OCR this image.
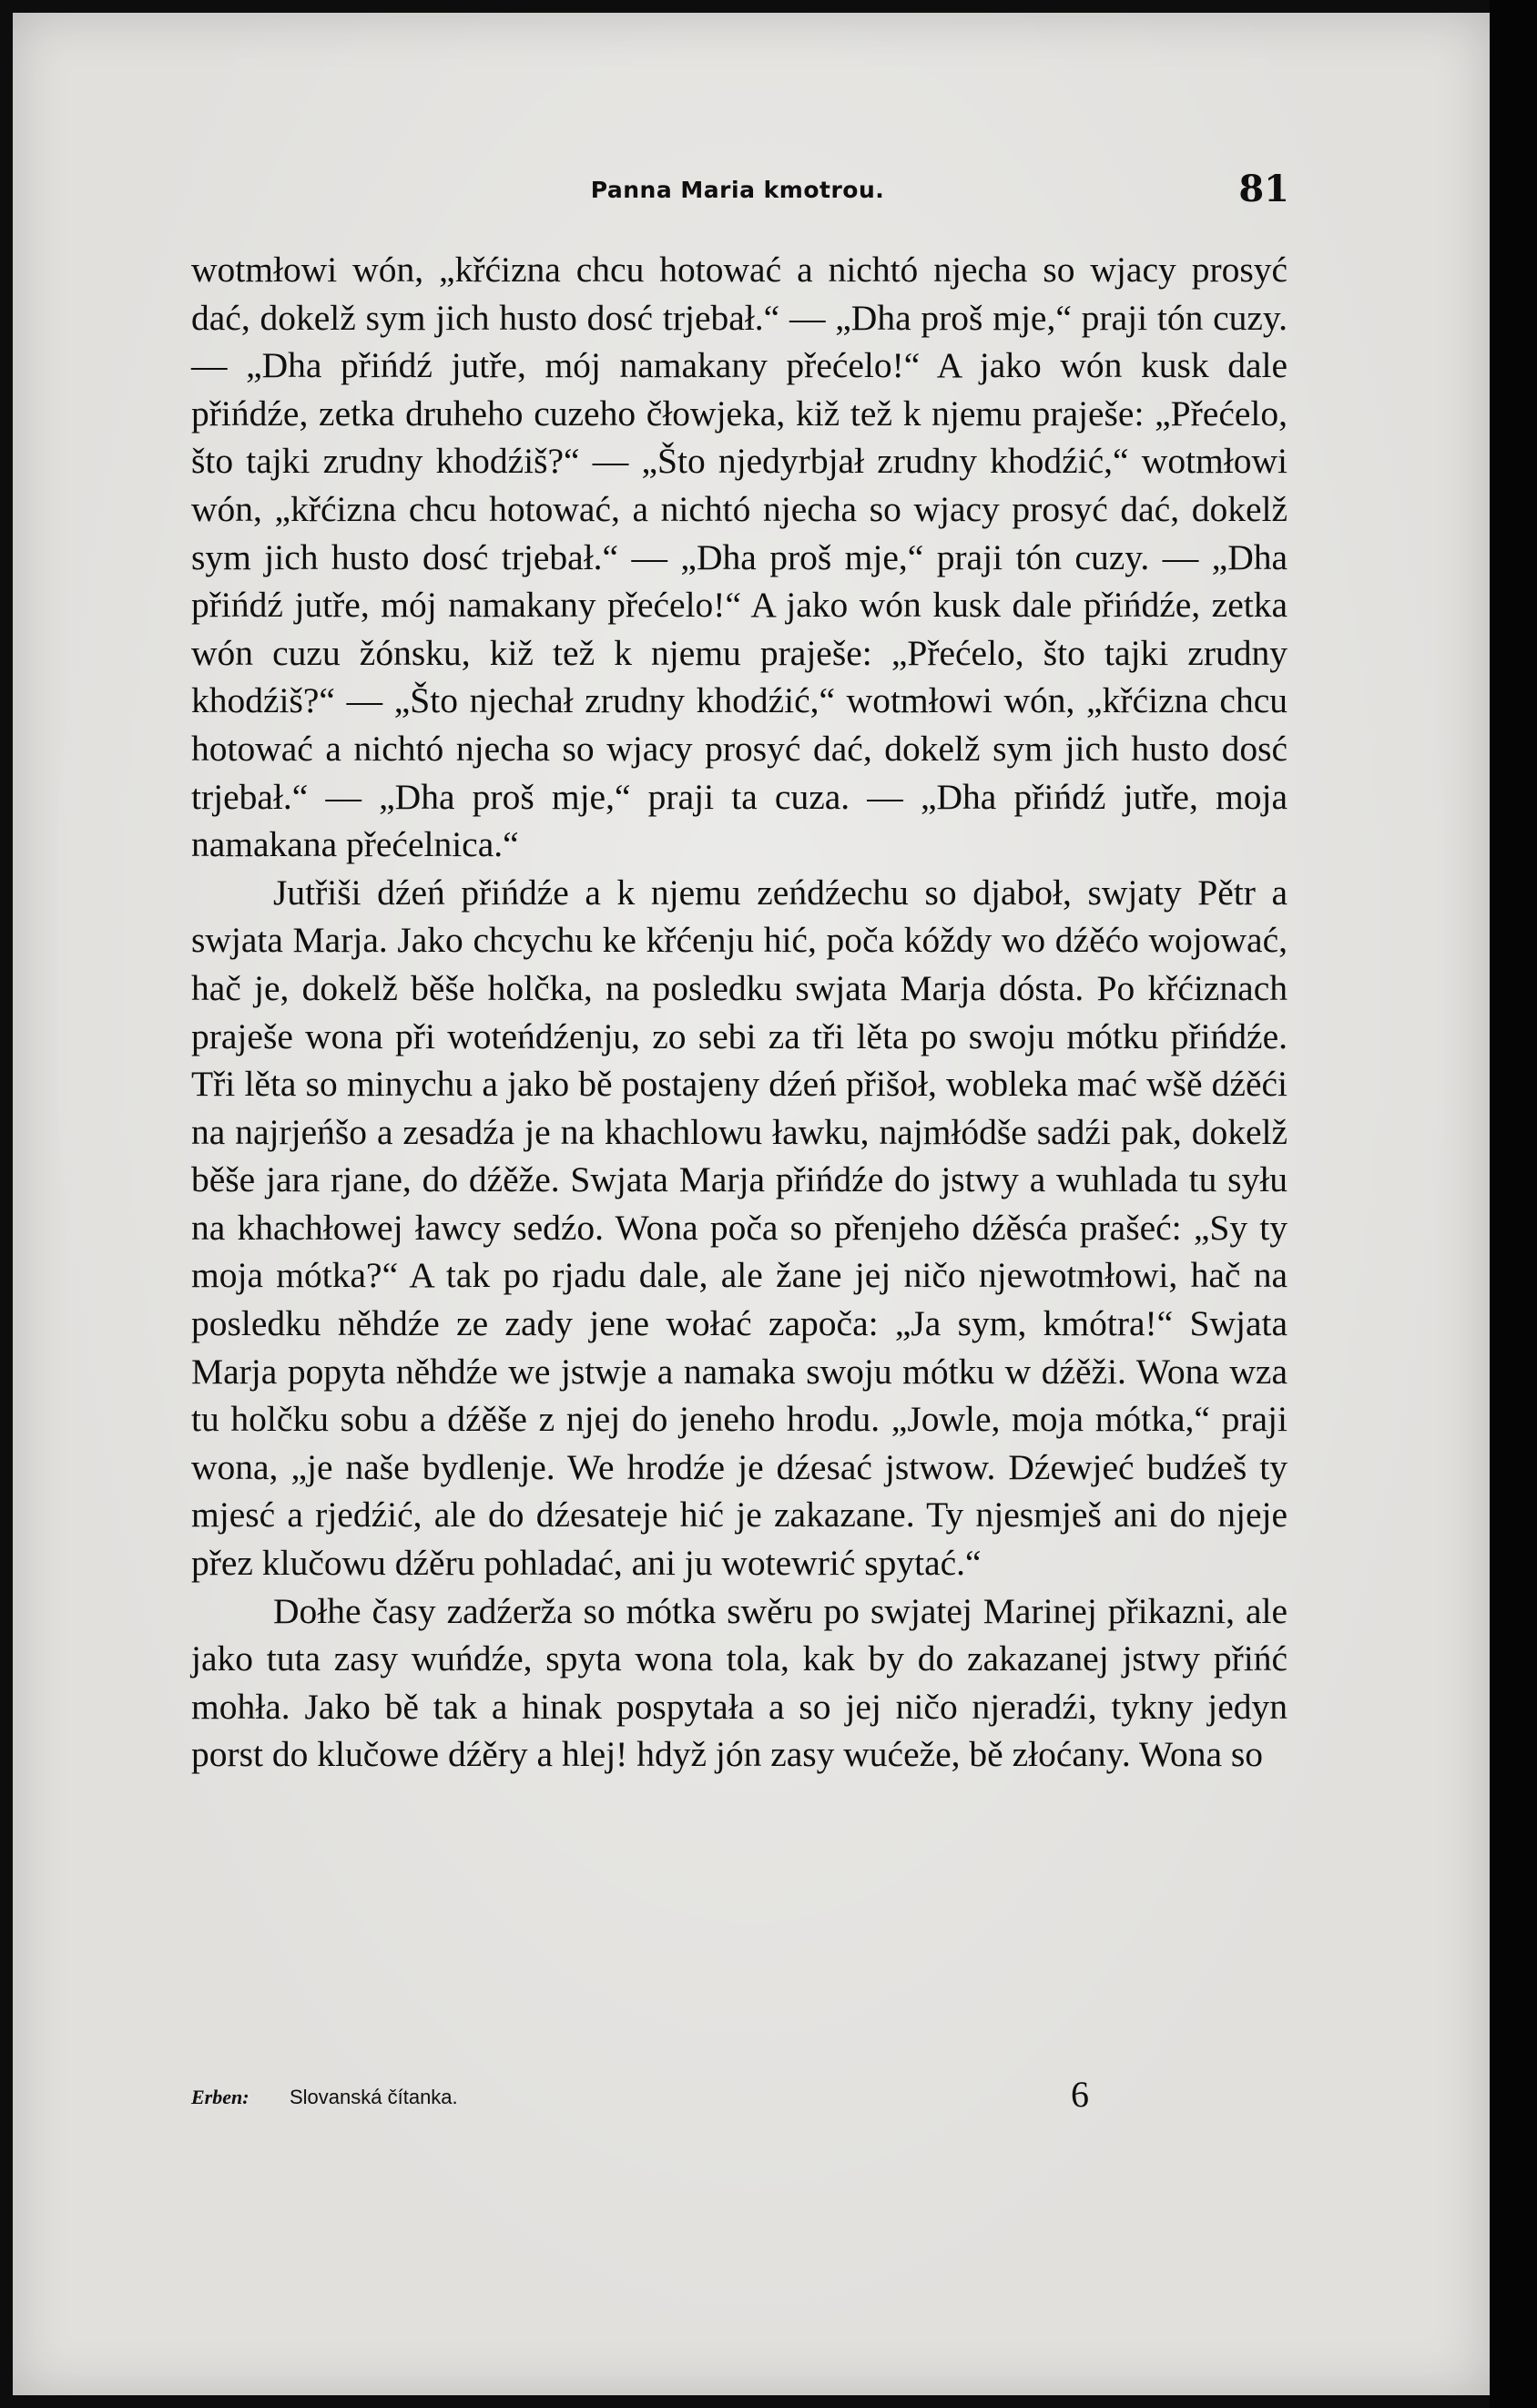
Panna Maria kmotrou.	81

wotmłowi wón, „křćizna chcu hotować a nichtó njecha so wjacy prosyć dać, dokelž sym jich husto dosć trjebał.“ — „Dha proš mje,“ praji tón cuzy. — „Dha přińdź jutře, mój namakany přećelo!“ A jako wón kusk dale přińdźe, zetka druheho cuzeho čłowjeka, kiž tež k njemu praješe: „Přećelo, što tajki zrudny khodźiš?“ — „Što njedyrbjał zrudny khodźić,“ wotmłowi wón, „křćizna chcu hotować, a nichtó njecha so wjacy prosyć dać, dokelž sym jich husto dosć trjebał.“ — „Dha proš mje,“ praji tón cuzy. — „Dha přińdź jutře, mój namakany přećelo!“ A jako wón kusk dale přińdźe, zetka wón cuzu žónsku, kiž tež k njemu praješe: „Přećelo, što tajki zrudny khodźiš?“ — „Što njechał zrudny khodźić,“ wotmłowi wón, „křćizna chcu hotować a nichtó njecha so wjacy prosyć dać, dokelž sym jich husto dosć trjebał.“ — „Dha proš mje,“ praji ta cuza. — „Dha přińdź jutře, moja namakana přećelnica.“

Jutřiši dźeń přińdźe a k njemu zeńdźechu so djaboł, swjaty Pětr a swjata Marja. Jako chcychu ke křćenju hić, poča kóždy wo dźěćo wojować, hač je, dokelž běše holčka, na posledku swjata Marja dósta. Po křćiznach praješe wona při woteńdźenju, zo sebi za tři lěta po swoju mótku přińdźe. Tři lěta so minychu a jako bě postajeny dźeń přišoł, wobleka mać wšě dźěći na najrjeńšo a zesadźa je na khachlowu ławku, najmłódše sadźi pak, dokelž běše jara rjane, do dźěže. Swjata Marja přińdźe do jstwy a wuhlada tu syłu na khachłowej ławcy sedźo. Wona poča so přenjeho dźěsća prašeć: „Sy ty moja mótka?“ A tak po rjadu dale, ale žane jej ničo njewotmłowi, hač na posledku něhdźe ze zady jene wołać započa: „Ja sym, kmótra!“ Swjata Marja popyta něhdźe we jstwje a namaka swoju mótku w dźěži. Wona wza tu holčku sobu a dźěše z njej do jeneho hrodu. „Jowle, moja mótka,“ praji wona, „je naše bydlenje. We hrodźe je dźesać jstwow. Dźewjeć budźeš ty mjesć a rjedźić, ale do dźesateje hić je zakazane. Ty njesmješ ani do njeje přez klučowu dźěru pohladać, ani ju wotewrić spytać.“

Dołhe časy zadźerža so mótka swěru po swjatej Marinej přikazni, ale jako tuta zasy wuńdźe, spyta wona tola, kak by do zakazanej jstwy přińć mohła. Jako bě tak a hinak pospytała a so jej ničo njeradźi, tykny jedyn porst do klučowe dźěry a hlej! hdyž jón zasy wućeže, bě złoćany. Wona so

Erben: Slovanská čítanka.	6
